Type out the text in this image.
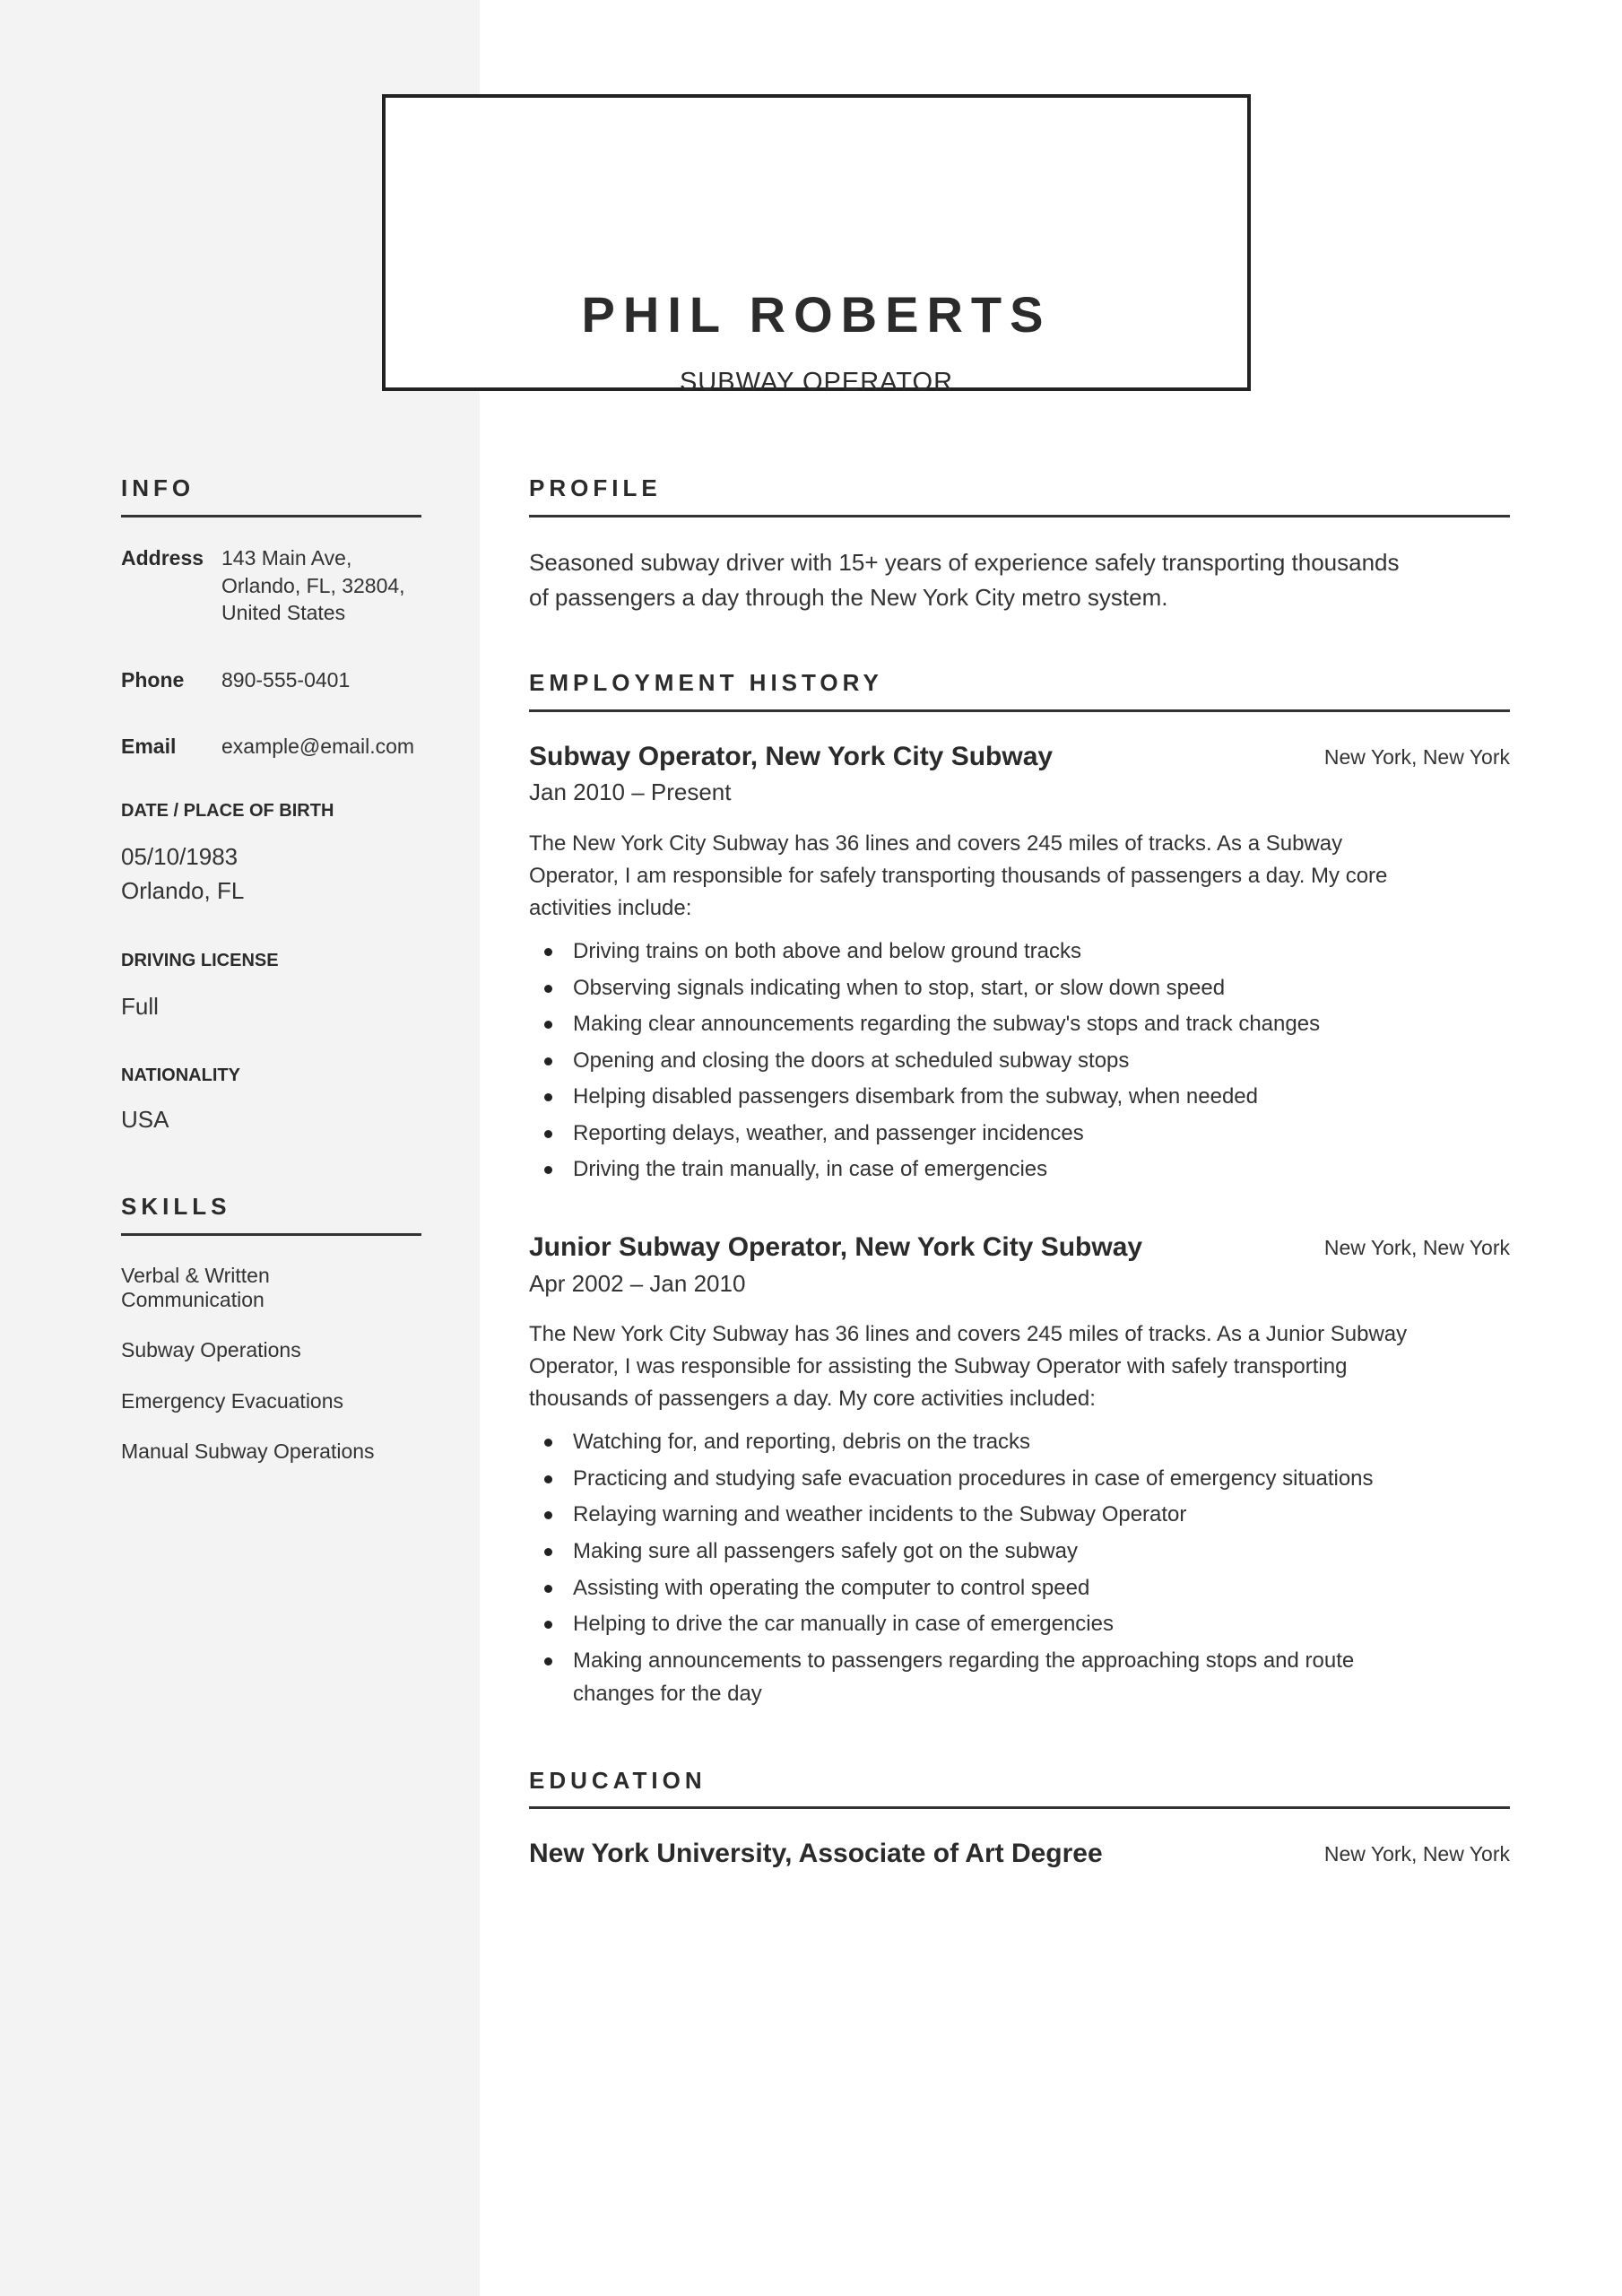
PHIL ROBERTS
SUBWAY OPERATOR
INFO
Address 143 Main Ave,
Orlando, FL, 32804,
United States
Phone 890-555-0401
Email example@email.com
DATE / PLACE OF BIRTH
05/10/1983
Orlando, FL
DRIVING LICENSE
Full
NATIONALITY
USA
SKILLS
Verbal & Written
Communication
Subway Operations
Emergency Evacuations
Manual Subway Operations
PROFILE
Seasoned subway driver with 15+ years of experience safely transporting thousands
of passengers a day through the New York City metro system.
EMPLOYMENT HISTORY
Subway Operator, New York City Subway	New York, New York
Jan 2010 – Present
The New York City Subway has 36 lines and covers 245 miles of tracks. As a Subway
Operator, I am responsible for safely transporting thousands of passengers a day. My core
activities include:
Driving trains on both above and below ground tracks
Observing signals indicating when to stop, start, or slow down speed
Making clear announcements regarding the subway's stops and track changes
Opening and closing the doors at scheduled subway stops
Helping disabled passengers disembark from the subway, when needed
Reporting delays, weather, and passenger incidences
Driving the train manually, in case of emergencies
Junior Subway Operator, New York City Subway	New York, New York
Apr 2002 – Jan 2010
The New York City Subway has 36 lines and covers 245 miles of tracks. As a Junior Subway
Operator, I was responsible for assisting the Subway Operator with safely transporting
thousands of passengers a day. My core activities included:
Watching for, and reporting, debris on the tracks
Practicing and studying safe evacuation procedures in case of emergency situations
Relaying warning and weather incidents to the Subway Operator
Making sure all passengers safely got on the subway
Assisting with operating the computer to control speed
Helping to drive the car manually in case of emergencies
Making announcements to passengers regarding the approaching stops and route
changes for the day
EDUCATION
New York University, Associate of Art Degree	New York, New York
